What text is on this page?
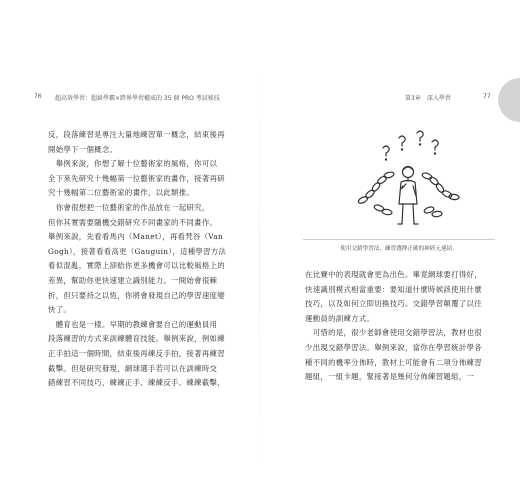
76 超高效學習：超級學霸×跨界學習權威的 35 個 PRO 考試秘技	第3章　深入學習	77

反，段落練習是專注大量地練習單一概念，結束後再

開始學下一個概念。

　舉例來說，你想了解十位藝術家的風格，你可以

全下來先研究十幾幅第一位藝術家的畫作，接著再研

究十幾幅第二位藝術家的畫作，以此類推。

　你會很想把一位藝術家的作品放在一起研究，

但你其實需要隨機交錯研究不同畫家的不同畫作。

舉例來說，先看看馬內（Manet），再看梵谷（Van

Gogh），接著看看高更（Gauguin），這種學習方法

看似混亂，實際上卻給你更多機會可以比較風格上的

差異，幫助你更快速建立識別能力。一開始會很棘

折，但只要持之以恆，你將會發現自己的學習速度變

快了。

　體育也是一樣。早期的教練會要自己的運動員用

段落練習的方式來訓練體育技能。舉例來說，例如練

正手拍這一個時間，結束後再練反手拍，接著再練習

截擊。但是研究發現，網球選手若可以在訓練時交

錯練習不同技巧，練練正手、練練反手、練練截擊，

使用交錯學習法，練習選擇正確的神經元連結。

在比賽中的表現就會更為出色。畢竟網球要打得好，

快速識別模式相當重要：要知道什麼時候該使用什麼

技巧，以及如何立即切換技巧。交錯學習顛覆了以往

運動員的訓練方式。

　可惜的是，很少老師會使用交錯學習法，教材也很

少出現交錯學習法。舉例來說，當你在學習統計學各

種不同的機率分佈時，教材上可能會有二項分佈練習

題組，一組卡題，緊接著是幾何分佈練習題組，一
